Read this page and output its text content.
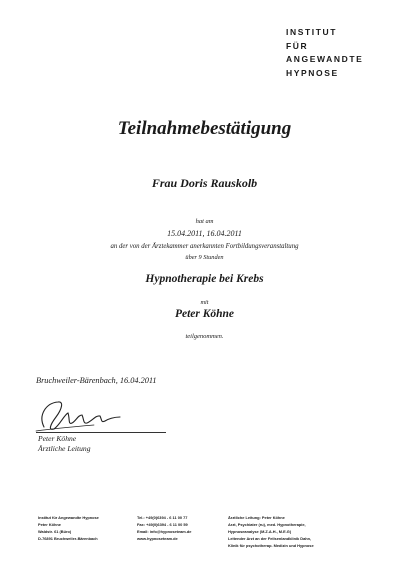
INSTITUT
FÜR
ANGEWANDTE
HYPNOSE
Teilnahmebestätigung
Frau Doris Rauskolb
hat am
15.04.2011, 16.04.2011
an der von der Ärztekammer anerkannten Fortbildungsveranstaltung
über 9 Stunden
Hypnotherapie bei Krebs
mit
Peter Köhne
teilgenommen.
Bruchweiler-Bärenbach, 16.04.2011
Peter Köhne
Ärztliche Leitung
Institut für Angewandte Hypnose
Peter Köhne
Waldstr. 61 (Büro)
D-76891 Bruchweiler-Bärenbach
Tel.: +49(0)6394 - 6 11 00 77
Fax: +49(0)6394 - 6 11 00 59
Email: info@hypnoseteam.de
www.hypnoseteam.de
Ärztliche Leitung: Peter Köhne
Arzt, Psychiater (ru), med. Hypnotherapie,
Hypnoseanalyse (M.Z.A.H., M.E.G)
Leitender Arzt an der Feilsenlandklinik Dahn,
Klinik für psychotherap. Medizin und Hypnose
